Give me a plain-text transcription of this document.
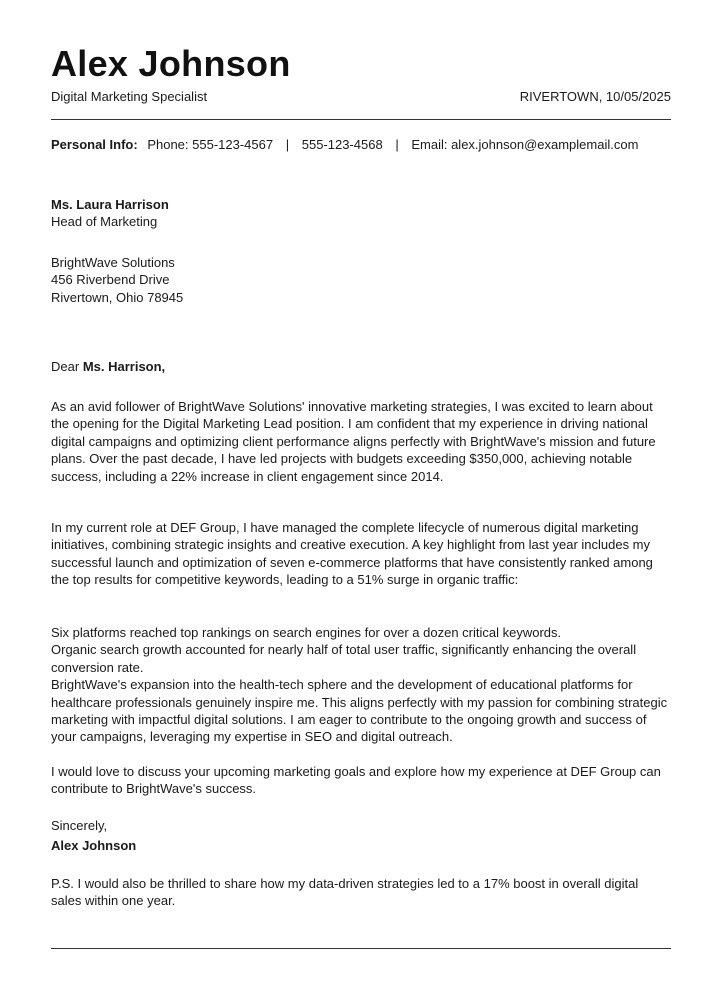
Alex Johnson
Digital Marketing Specialist	RIVERTOWN, 10/05/2025
Personal Info: Phone: 555-123-4567 | 555-123-4568 | Email: alex.johnson@examplemail.com

Ms. Laura Harrison

Head of Marketing

BrightWave Solutions

456 Riverbend Drive

Rivertown, Ohio 78945

Dear Ms. Harrison,

As an avid follower of BrightWave Solutions' innovative marketing strategies, I was excited to learn about the opening for the Digital Marketing Lead position. I am confident that my experience in driving national digital campaigns and optimizing client performance aligns perfectly with BrightWave's mission and future plans. Over the past decade, I have led projects with budgets exceeding $350,000, achieving notable success, including a 22% increase in client engagement since 2014.

In my current role at DEF Group, I have managed the complete lifecycle of numerous digital marketing initiatives, combining strategic insights and creative execution. A key highlight from last year includes my successful launch and optimization of seven e-commerce platforms that have consistently ranked among the top results for competitive keywords, leading to a 51% surge in organic traffic:

Six platforms reached top rankings on search engines for over a dozen critical keywords.

Organic search growth accounted for nearly half of total user traffic, significantly enhancing the overall conversion rate.

BrightWave's expansion into the health-tech sphere and the development of educational platforms for healthcare professionals genuinely inspire me. This aligns perfectly with my passion for combining strategic marketing with impactful digital solutions. I am eager to contribute to the ongoing growth and success of your campaigns, leveraging my expertise in SEO and digital outreach.

I would love to discuss your upcoming marketing goals and explore how my experience at DEF Group can contribute to BrightWave's success.

Sincerely,

Alex Johnson

P.S. I would also be thrilled to share how my data-driven strategies led to a 17% boost in overall digital sales within one year.
